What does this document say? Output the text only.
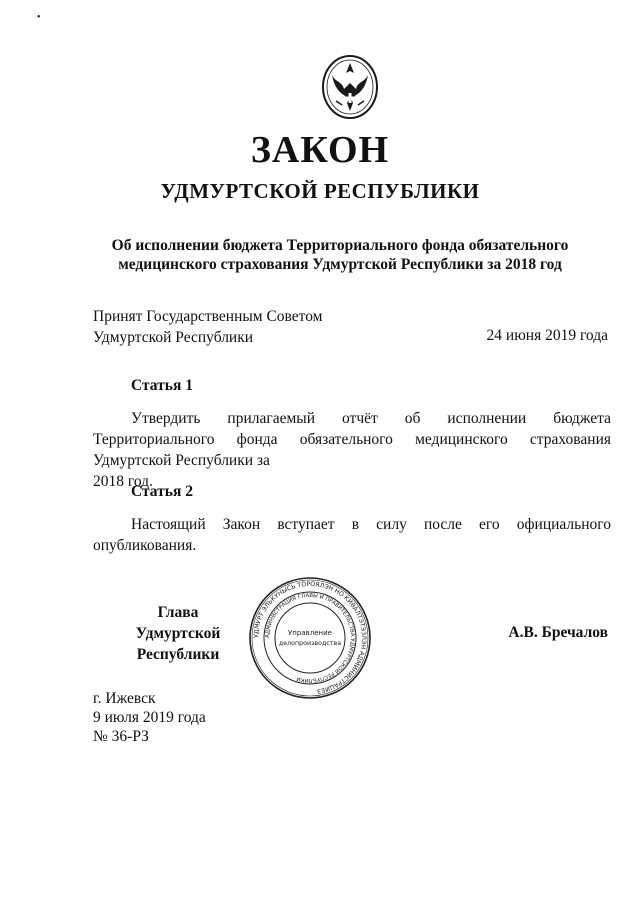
•
ЗАКОН
УДМУРТСКОЙ РЕСПУБЛИКИ
Об исполнении бюджета Территориального фонда обязательного медицинского страхования Удмуртской Республики за 2018 год
Принят Государственным Советом
Удмуртской Республики	24 июня 2019 года
Статья 1
Утвердить прилагаемый отчёт об исполнении бюджета Территориального фонда обязательного медицинского страхования Удмуртской Республики за
2018 год.
Статья 2
Настоящий Закон вступает в силу после его официального
опубликования.
Глава
Удмуртской Республики
А.В. Бречалов
УДМУРТ ЭЛЬКУНЫСЬ ТÖРОЯЛЭН НО КИВАЛТЭТЭЗЛЭН АДМИНИСТРАЦИЕЗ
АДМИНИСТРАЦИЯ ГЛАВЫ И ПРАВИТЕЛЬСТВА УДМУРТСКОЙ РЕСПУБЛИКИ
Управление
делопроизводства
г. Ижевск
9 июля 2019 года
№ 36-РЗ
